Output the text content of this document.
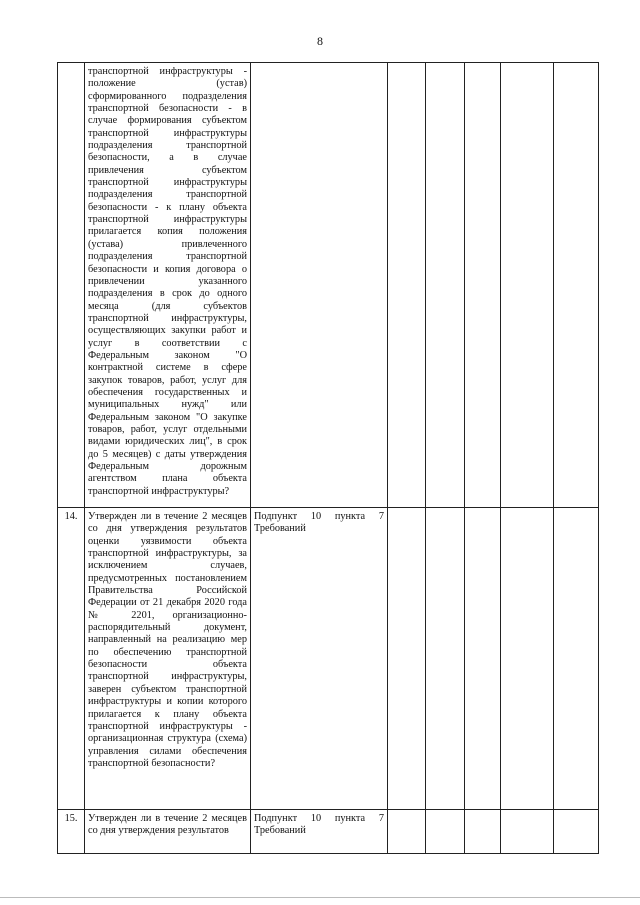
8
	транспортной инфраструктуры - положение (устав) сформированного подразделения транспортной безопасности - в случае формирования субъектом транспортной инфраструктуры подразделения транспортной безопасности, а в случае привлечения субъектом транспортной инфраструктуры подразделения транспортной безопасности - к плану объекта транспортной инфраструктуры прилагается копия положения (устава) привлеченного подразделения транспортной безопасности и копия договора о привлечении указанного подразделения в срок до одного месяца (для субъектов транспортной инфраструктуры, осуществляющих закупки работ и услуг в соответствии с Федеральным законом "О контрактной системе в сфере закупок товаров, работ, услуг для обеспечения государственных и муниципальных нужд" или Федеральным законом "О закупке товаров, работ, услуг отдельными видами юридических лиц", в срок до 5 месяцев) с даты утверждения Федеральным дорожным агентством плана объекта транспортной инфраструктуры?						
14.	Утвержден ли в течение 2 месяцев со дня утверждения результатов оценки уязвимости объекта транспортной инфраструктуры, за исключением случаев, предусмотренных постановлением Правительства Российской Федерации от 21 декабря 2020 года № 2201, организационно-распорядительный документ, направленный на реализацию мер по обеспечению транспортной безопасности объекта транспортной инфраструктуры, заверен субъектом транспортной инфраструктуры и копии которого прилагается к плану объекта транспортной инфраструктуры - организационная структура (схема) управления силами обеспечения транспортной безопасности?	Подпункт 10 пункта 7 Требований					
15.	Утвержден ли в течение 2 месяцев со дня утверждения результатов	Подпункт 10 пункта 7 Требований					
